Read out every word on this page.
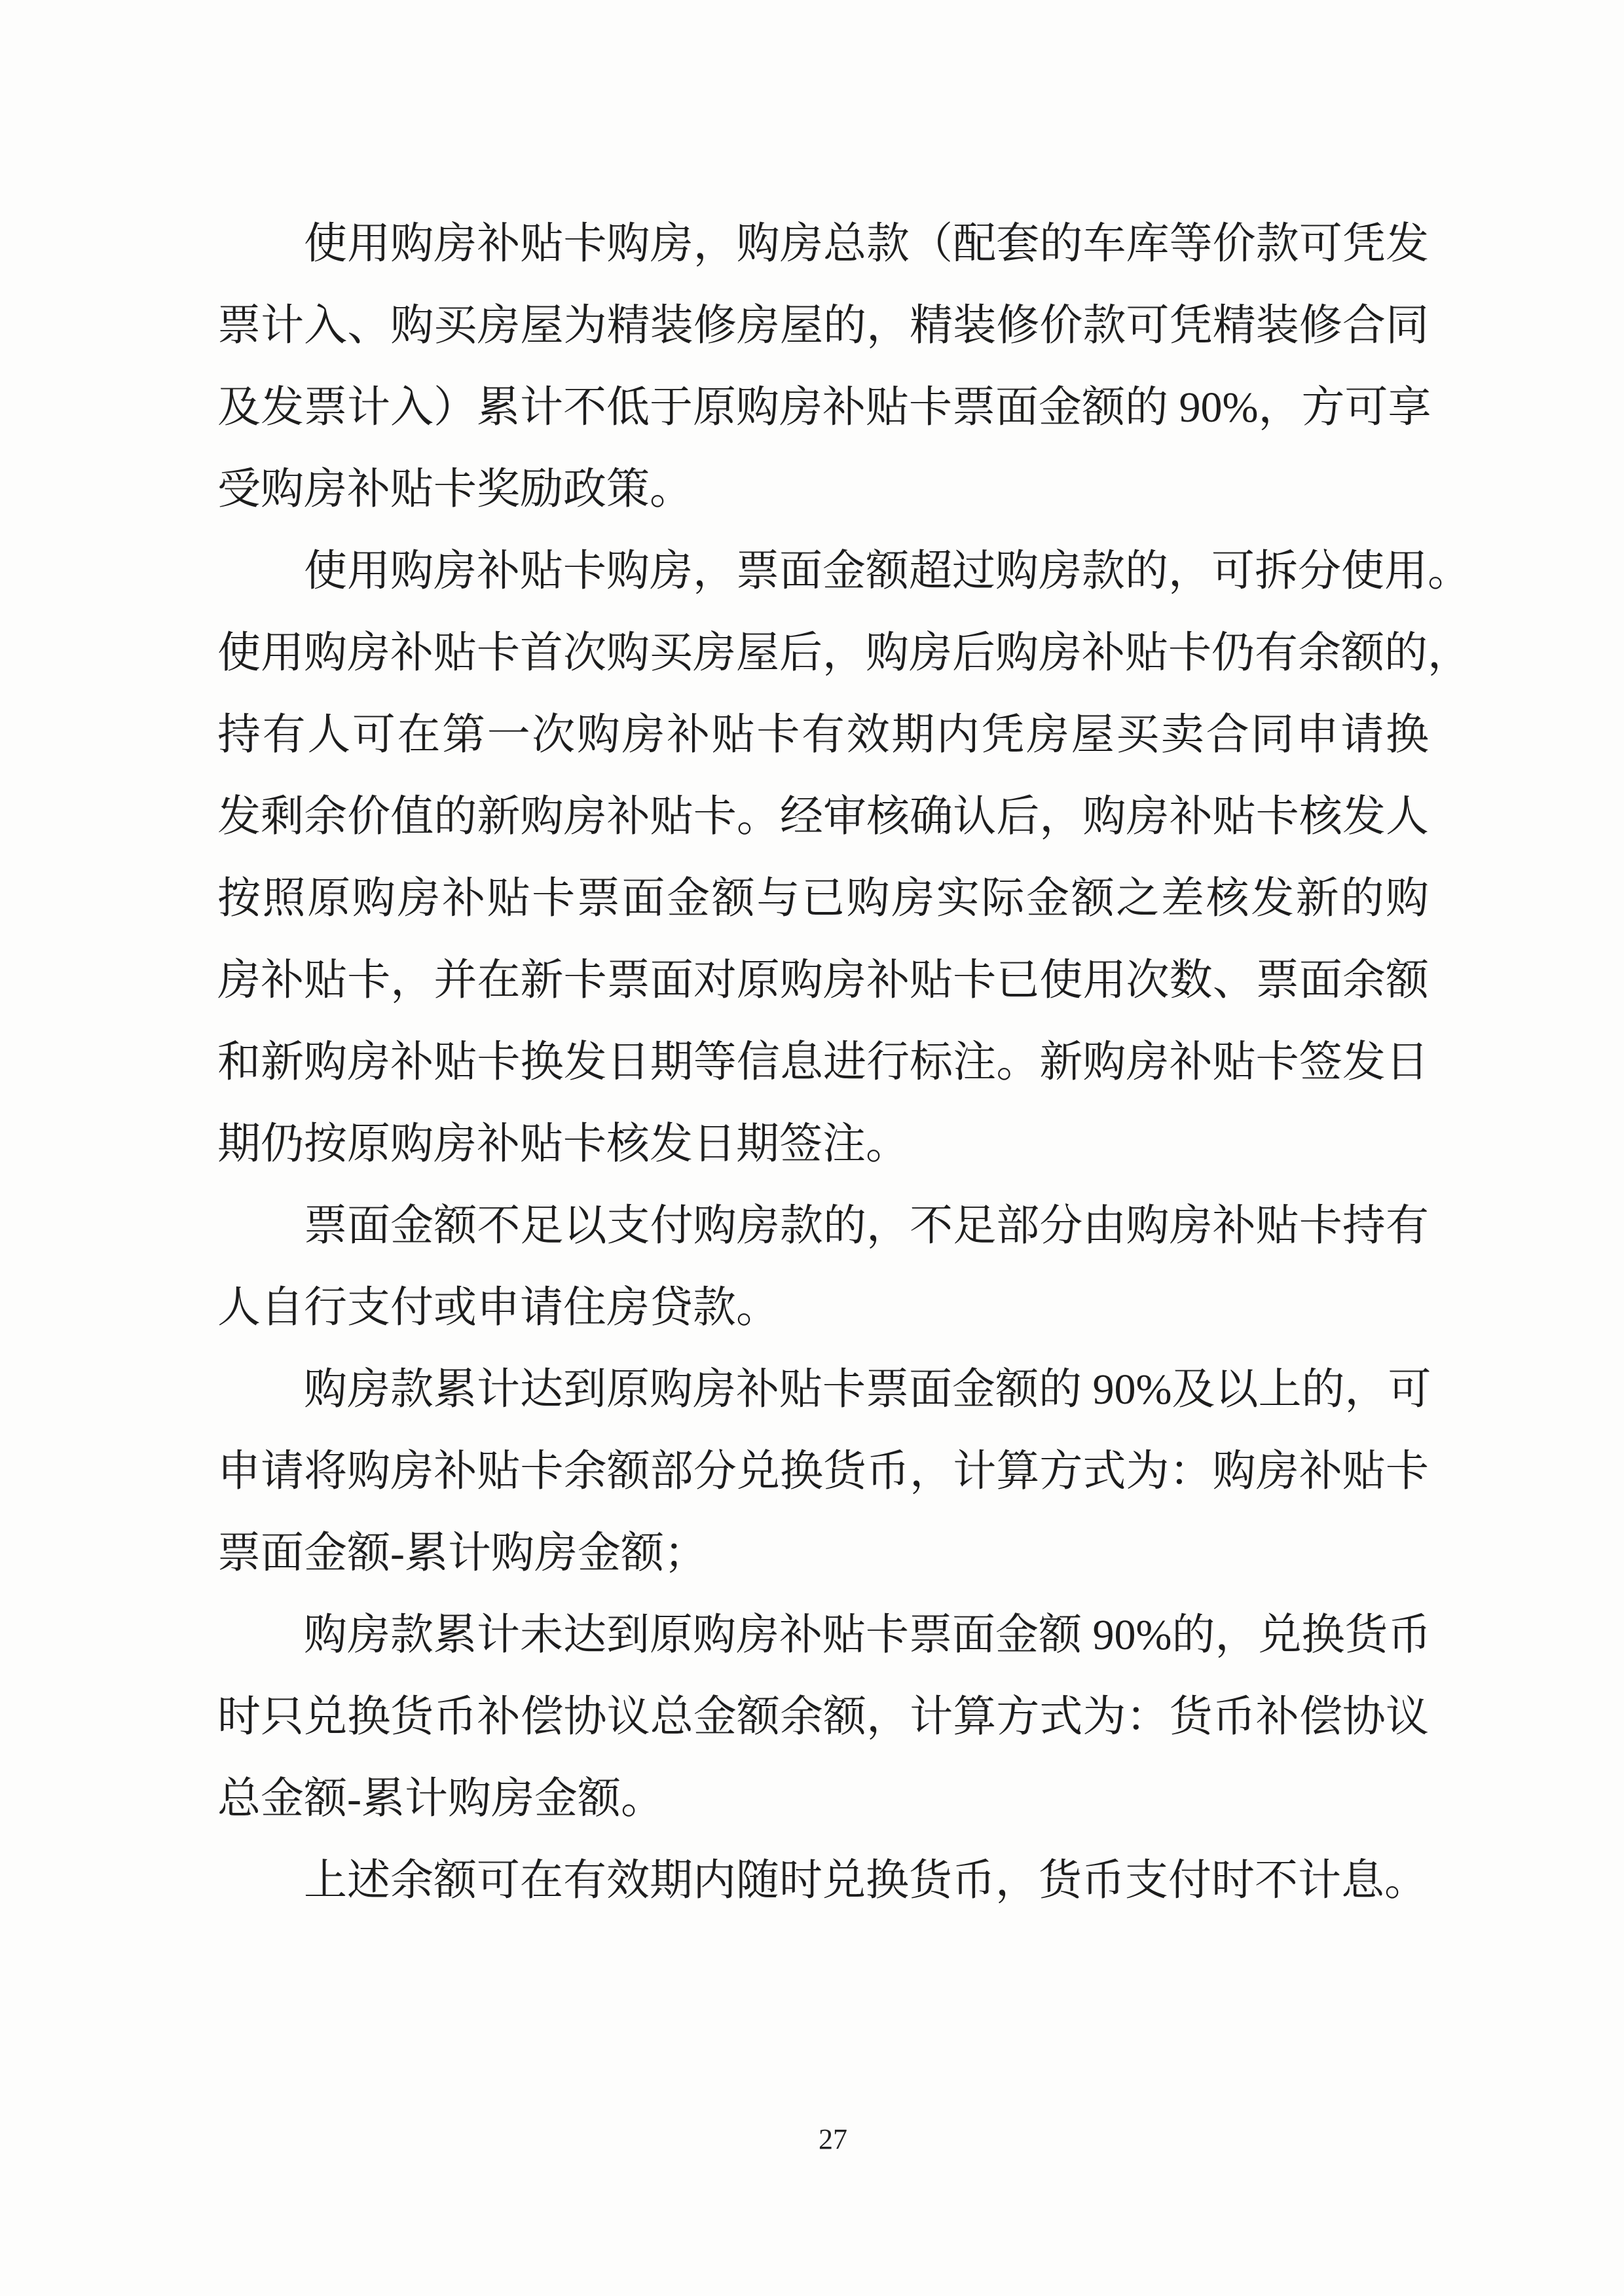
使用购房补贴卡购房，购房总款（配套的车库等价款可凭发
票计入、购买房屋为精装修房屋的，精装修价款可凭精装修合同
及发票计入）累计不低于原购房补贴卡票面金额的 90%，方可享
受购房补贴卡奖励政策。
使用购房补贴卡购房，票面金额超过购房款的，可拆分使用。
使用购房补贴卡首次购买房屋后，购房后购房补贴卡仍有余额的，
持有人可在第一次购房补贴卡有效期内凭房屋买卖合同申请换
发剩余价值的新购房补贴卡。经审核确认后，购房补贴卡核发人
按照原购房补贴卡票面金额与已购房实际金额之差核发新的购
房补贴卡，并在新卡票面对原购房补贴卡已使用次数、票面余额
和新购房补贴卡换发日期等信息进行标注。新购房补贴卡签发日
期仍按原购房补贴卡核发日期签注。
票面金额不足以支付购房款的，不足部分由购房补贴卡持有
人自行支付或申请住房贷款。
购房款累计达到原购房补贴卡票面金额的 90%及以上的，可
申请将购房补贴卡余额部分兑换货币，计算方式为：购房补贴卡
票面金额-累计购房金额；
购房款累计未达到原购房补贴卡票面金额 90%的，兑换货币
时只兑换货币补偿协议总金额余额，计算方式为：货币补偿协议
总金额-累计购房金额。
上述余额可在有效期内随时兑换货币，货币支付时不计息。
27
